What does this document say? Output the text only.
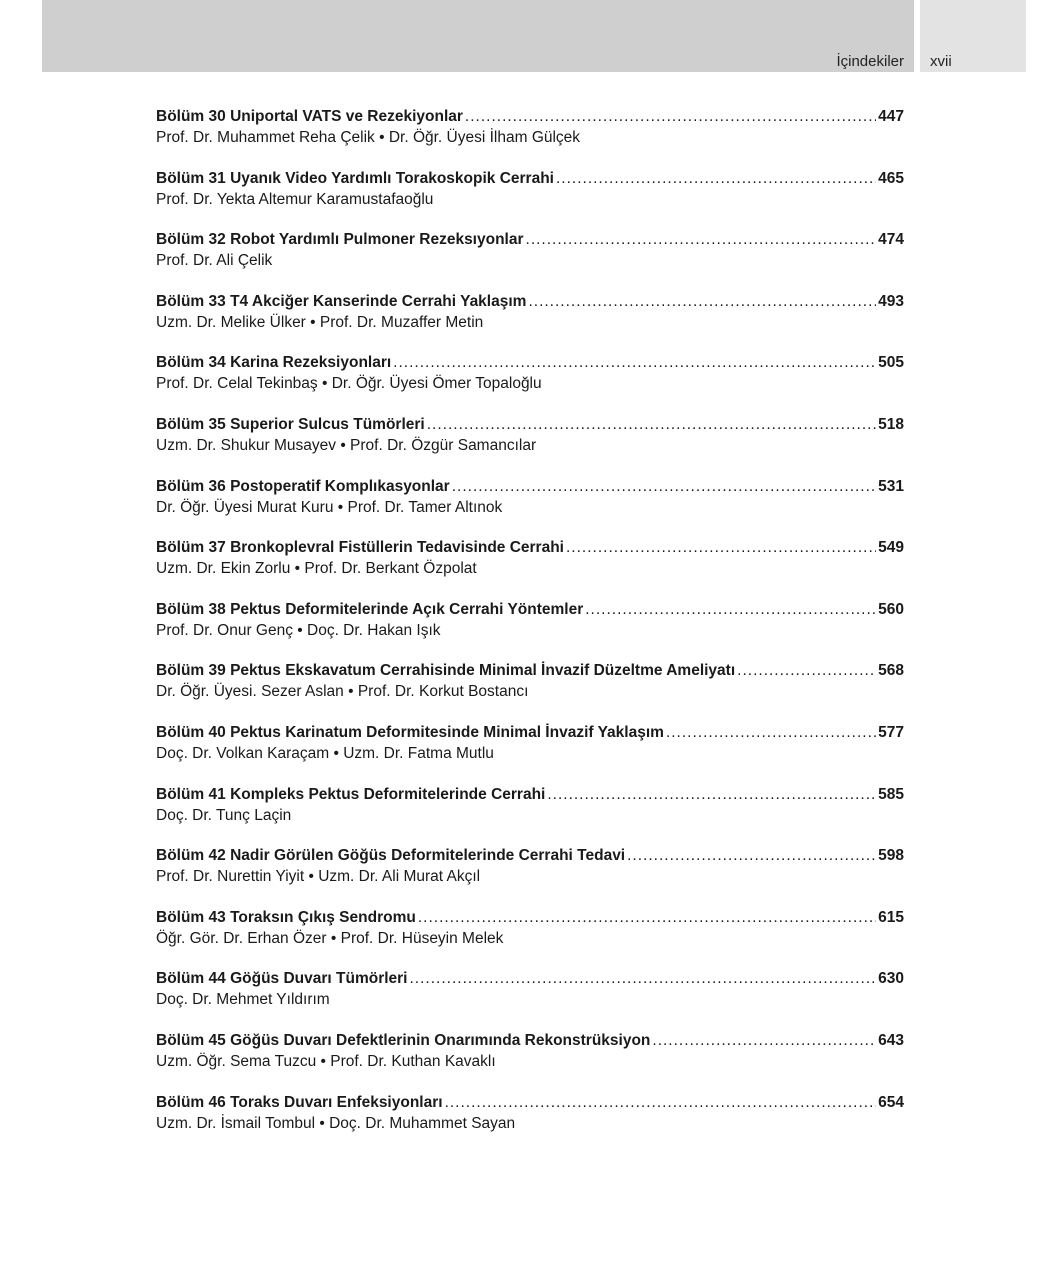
İçindekiler xvii
Bölüm 30 Uniportal VATS ve Rezekiyonlar .....	447
Prof. Dr. Muhammet Reha Çelik • Dr. Öğr. Üyesi İlham Gülçek
Bölüm 31 Uyanık Video Yardımlı Torakoskopik Cerrahi .....	465
Prof. Dr. Yekta Altemur Karamustafaoğlu
Bölüm 32 Robot Yardımlı Pulmoner Rezeksıyonlar .....	474
Prof. Dr. Ali Çelik
Bölüm 33 T4 Akciğer Kanserinde Cerrahi Yaklaşım .....	493
Uzm. Dr. Melike Ülker • Prof. Dr. Muzaffer Metin
Bölüm 34 Karina Rezeksiyonları .....	505
Prof. Dr. Celal Tekinbaş • Dr. Öğr. Üyesi Ömer Topaloğlu
Bölüm 35 Superior Sulcus Tümörleri .....	518
Uzm. Dr. Shukur Musayev • Prof. Dr. Özgür Samancılar
Bölüm 36 Postoperatif Komplıkasyonlar .....	531
Dr. Öğr. Üyesi Murat Kuru • Prof. Dr. Tamer Altınok
Bölüm 37 Bronkoplevral Fistüllerin Tedavisinde Cerrahi .....	549
Uzm. Dr. Ekin Zorlu • Prof. Dr. Berkant Özpolat
Bölüm 38 Pektus Deformitelerinde Açık Cerrahi Yöntemler .....	560
Prof. Dr. Onur Genç • Doç. Dr. Hakan Işık
Bölüm 39 Pektus Ekskavatum Cerrahisinde Minimal İnvazif Düzeltme Ameliyatı .....	568
Dr. Öğr. Üyesi. Sezer Aslan • Prof. Dr. Korkut Bostancı
Bölüm 40 Pektus Karinatum Deformitesinde Minimal İnvazif Yaklaşım .....	577
Doç. Dr. Volkan Karaçam • Uzm. Dr. Fatma Mutlu
Bölüm 41 Kompleks Pektus Deformitelerinde Cerrahi .....	585
Doç. Dr. Tunç Laçin
Bölüm 42 Nadir Görülen Göğüs Deformitelerinde Cerrahi Tedavi .....	598
Prof. Dr. Nurettin Yiyit • Uzm. Dr. Ali Murat Akçıl
Bölüm 43 Toraksın Çıkış Sendromu .....	615
Öğr. Gör. Dr. Erhan Özer • Prof. Dr. Hüseyin Melek
Bölüm 44 Göğüs Duvarı Tümörleri .....	630
Doç. Dr. Mehmet Yıldırım
Bölüm 45 Göğüs Duvarı Defektlerinin Onarımında Rekonstrüksiyon .....	643
Uzm. Öğr. Sema Tuzcu • Prof. Dr. Kuthan Kavaklı
Bölüm 46 Toraks Duvarı Enfeksiyonları .....	654
Uzm. Dr. İsmail Tombul • Doç. Dr. Muhammet Sayan
